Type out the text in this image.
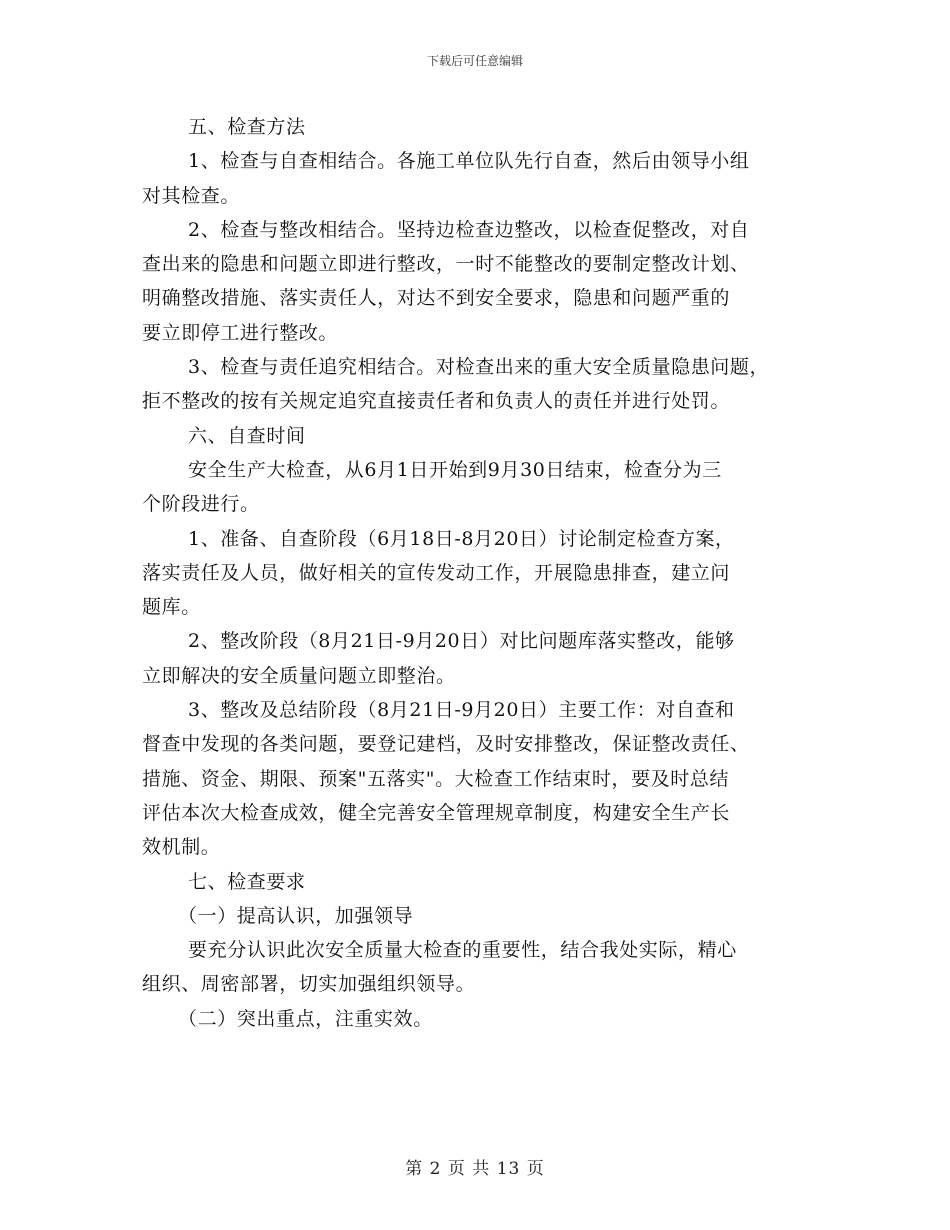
下载后可任意编辑
五、检查方法
1、检查与自查相结合。各施工单位队先行自查，然后由领导小组
对其检查。
2、检查与整改相结合。坚持边检查边整改，以检查促整改，对自
查出来的隐患和问题立即进行整改，一时不能整改的要制定整改计划、
明确整改措施、落实责任人，对达不到安全要求，隐患和问题严重的
要立即停工进行整改。
3、检查与责任追究相结合。对检查出来的重大安全质量隐患问题，
拒不整改的按有关规定追究直接责任者和负责人的责任并进行处罚。
六、自查时间
安全生产大检查，从6月1日开始到9月30日结束，检查分为三
个阶段进行。
1、准备、自查阶段（6月18日-8月20日）讨论制定检查方案，
落实责任及人员，做好相关的宣传发动工作，开展隐患排查，建立问
题库。
2、整改阶段（8月21日-9月20日）对比问题库落实整改，能够
立即解决的安全质量问题立即整治。
3、整改及总结阶段（8月21日-9月20日）主要工作：对自查和
督查中发现的各类问题，要登记建档，及时安排整改，保证整改责任、
措施、资金、期限、预案"五落实"。大检查工作结束时，要及时总结
评估本次大检查成效，健全完善安全管理规章制度，构建安全生产长
效机制。
七、检查要求
（一）提高认识，加强领导
要充分认识此次安全质量大检查的重要性，结合我处实际，精心
组织、周密部署，切实加强组织领导。
（二）突出重点，注重实效。
第 2 页 共 13 页
